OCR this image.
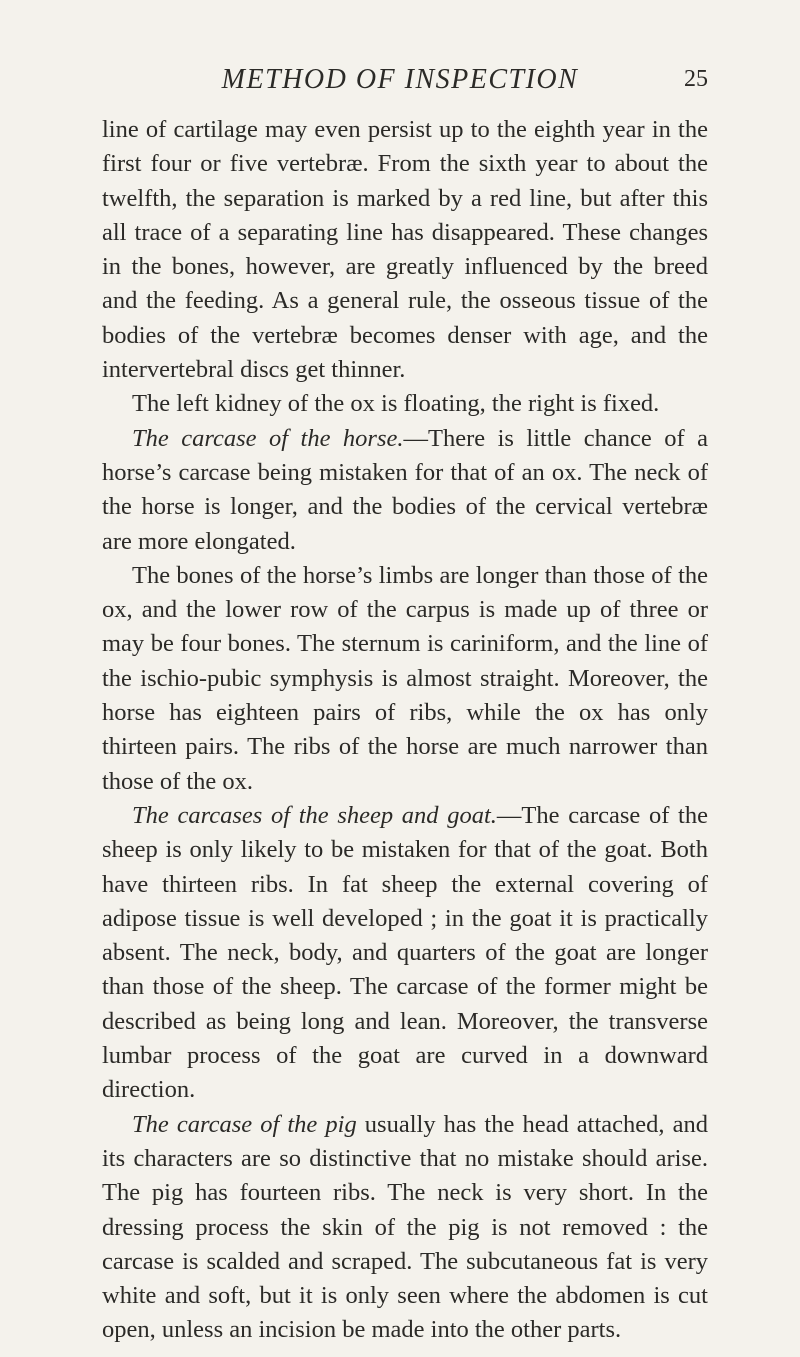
METHOD OF INSPECTION	25

line of cartilage may even persist up to the eighth year in the first four or five vertebræ. From the sixth year to about the twelfth, the separation is marked by a red line, but after this all trace of a separating line has disappeared. These changes in the bones, however, are greatly influenced by the breed and the feeding. As a general rule, the osseous tissue of the bodies of the vertebræ becomes denser with age, and the intervertebral discs get thinner.

The left kidney of the ox is floating, the right is fixed.

The carcase of the horse.—There is little chance of a horse’s carcase being mistaken for that of an ox. The neck of the horse is longer, and the bodies of the cervical vertebræ are more elongated.

The bones of the horse’s limbs are longer than those of the ox, and the lower row of the carpus is made up of three or may be four bones. The sternum is cariniform, and the line of the ischio-pubic symphysis is almost straight. Moreover, the horse has eighteen pairs of ribs, while the ox has only thirteen pairs. The ribs of the horse are much narrower than those of the ox.

The carcases of the sheep and goat.—The carcase of the sheep is only likely to be mistaken for that of the goat. Both have thirteen ribs. In fat sheep the external covering of adipose tissue is well developed ; in the goat it is practically absent. The neck, body, and quarters of the goat are longer than those of the sheep. The carcase of the former might be described as being long and lean. Moreover, the transverse lumbar process of the goat are curved in a downward direction.

The carcase of the pig usually has the head attached, and its characters are so distinctive that no mistake should arise. The pig has fourteen ribs. The neck is very short. In the dressing process the skin of the pig is not removed : the carcase is scalded and scraped. The subcutaneous fat is very white and soft, but it is only seen where the abdomen is cut open, unless an incision be made into the other parts.
